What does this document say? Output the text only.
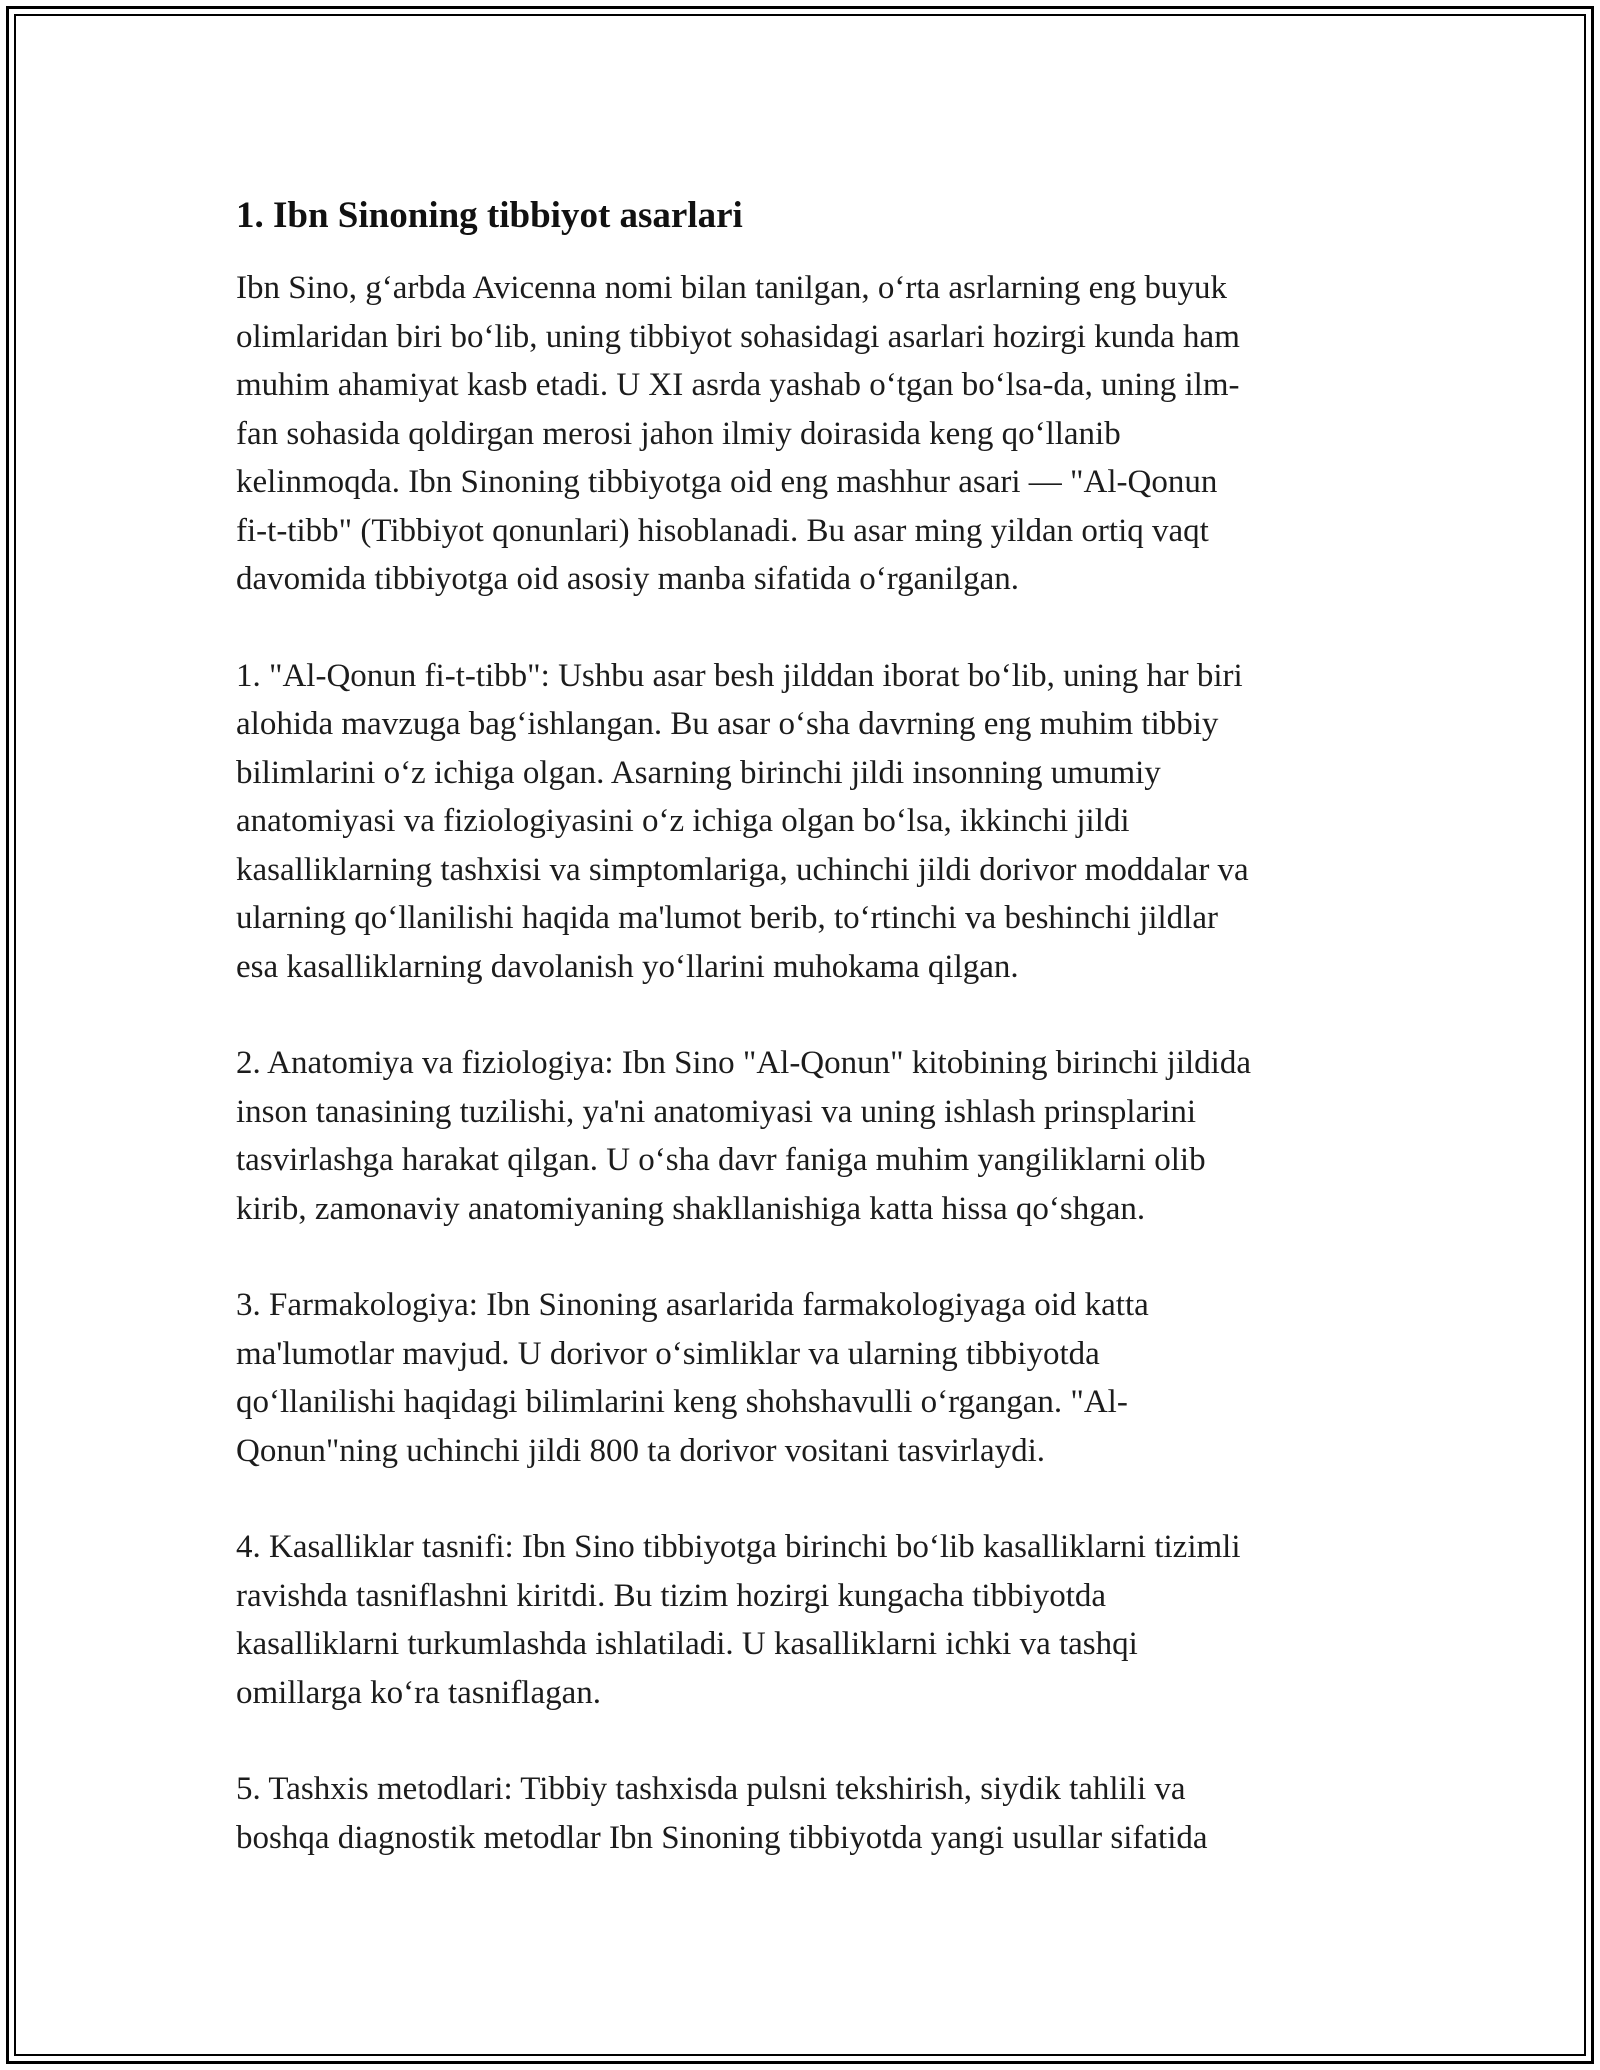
1. Ibn Sinoning tibbiyot asarlari

Ibn Sino, g‘arbda Avicenna nomi bilan tanilgan, o‘rta asrlarning eng buyuk
olimlaridan biri bo‘lib, uning tibbiyot sohasidagi asarlari hozirgi kunda ham
muhim ahamiyat kasb etadi. U XI asrda yashab o‘tgan bo‘lsa-da, uning ilm-
fan sohasida qoldirgan merosi jahon ilmiy doirasida keng qo‘llanib
kelinmoqda. Ibn Sinoning tibbiyotga oid eng mashhur asari — "Al-Qonun
fi-t-tibb" (Tibbiyot qonunlari) hisoblanadi. Bu asar ming yildan ortiq vaqt
davomida tibbiyotga oid asosiy manba sifatida o‘rganilgan.

1. "Al-Qonun fi-t-tibb": Ushbu asar besh jilddan iborat bo‘lib, uning har biri
alohida mavzuga bag‘ishlangan. Bu asar o‘sha davrning eng muhim tibbiy
bilimlarini o‘z ichiga olgan. Asarning birinchi jildi insonning umumiy
anatomiyasi va fiziologiyasini o‘z ichiga olgan bo‘lsa, ikkinchi jildi
kasalliklarning tashxisi va simptomlariga, uchinchi jildi dorivor moddalar va
ularning qo‘llanilishi haqida ma'lumot berib, to‘rtinchi va beshinchi jildlar
esa kasalliklarning davolanish yo‘llarini muhokama qilgan.

2. Anatomiya va fiziologiya: Ibn Sino "Al-Qonun" kitobining birinchi jildida
inson tanasining tuzilishi, ya'ni anatomiyasi va uning ishlash prinsplarini
tasvirlashga harakat qilgan. U o‘sha davr faniga muhim yangiliklarni olib
kirib, zamonaviy anatomiyaning shakllanishiga katta hissa qo‘shgan.

3. Farmakologiya: Ibn Sinoning asarlarida farmakologiyaga oid katta
ma'lumotlar mavjud. U dorivor o‘simliklar va ularning tibbiyotda
qo‘llanilishi haqidagi bilimlarini keng shohshavulli o‘rgangan. "Al-
Qonun"ning uchinchi jildi 800 ta dorivor vositani tasvirlaydi.

4. Kasalliklar tasnifi: Ibn Sino tibbiyotga birinchi bo‘lib kasalliklarni tizimli
ravishda tasniflashni kiritdi. Bu tizim hozirgi kungacha tibbiyotda
kasalliklarni turkumlashda ishlatiladi. U kasalliklarni ichki va tashqi
omillarga ko‘ra tasniflagan.

5. Tashxis metodlari: Tibbiy tashxisda pulsni tekshirish, siydik tahlili va
boshqa diagnostik metodlar Ibn Sinoning tibbiyotda yangi usullar sifatida
